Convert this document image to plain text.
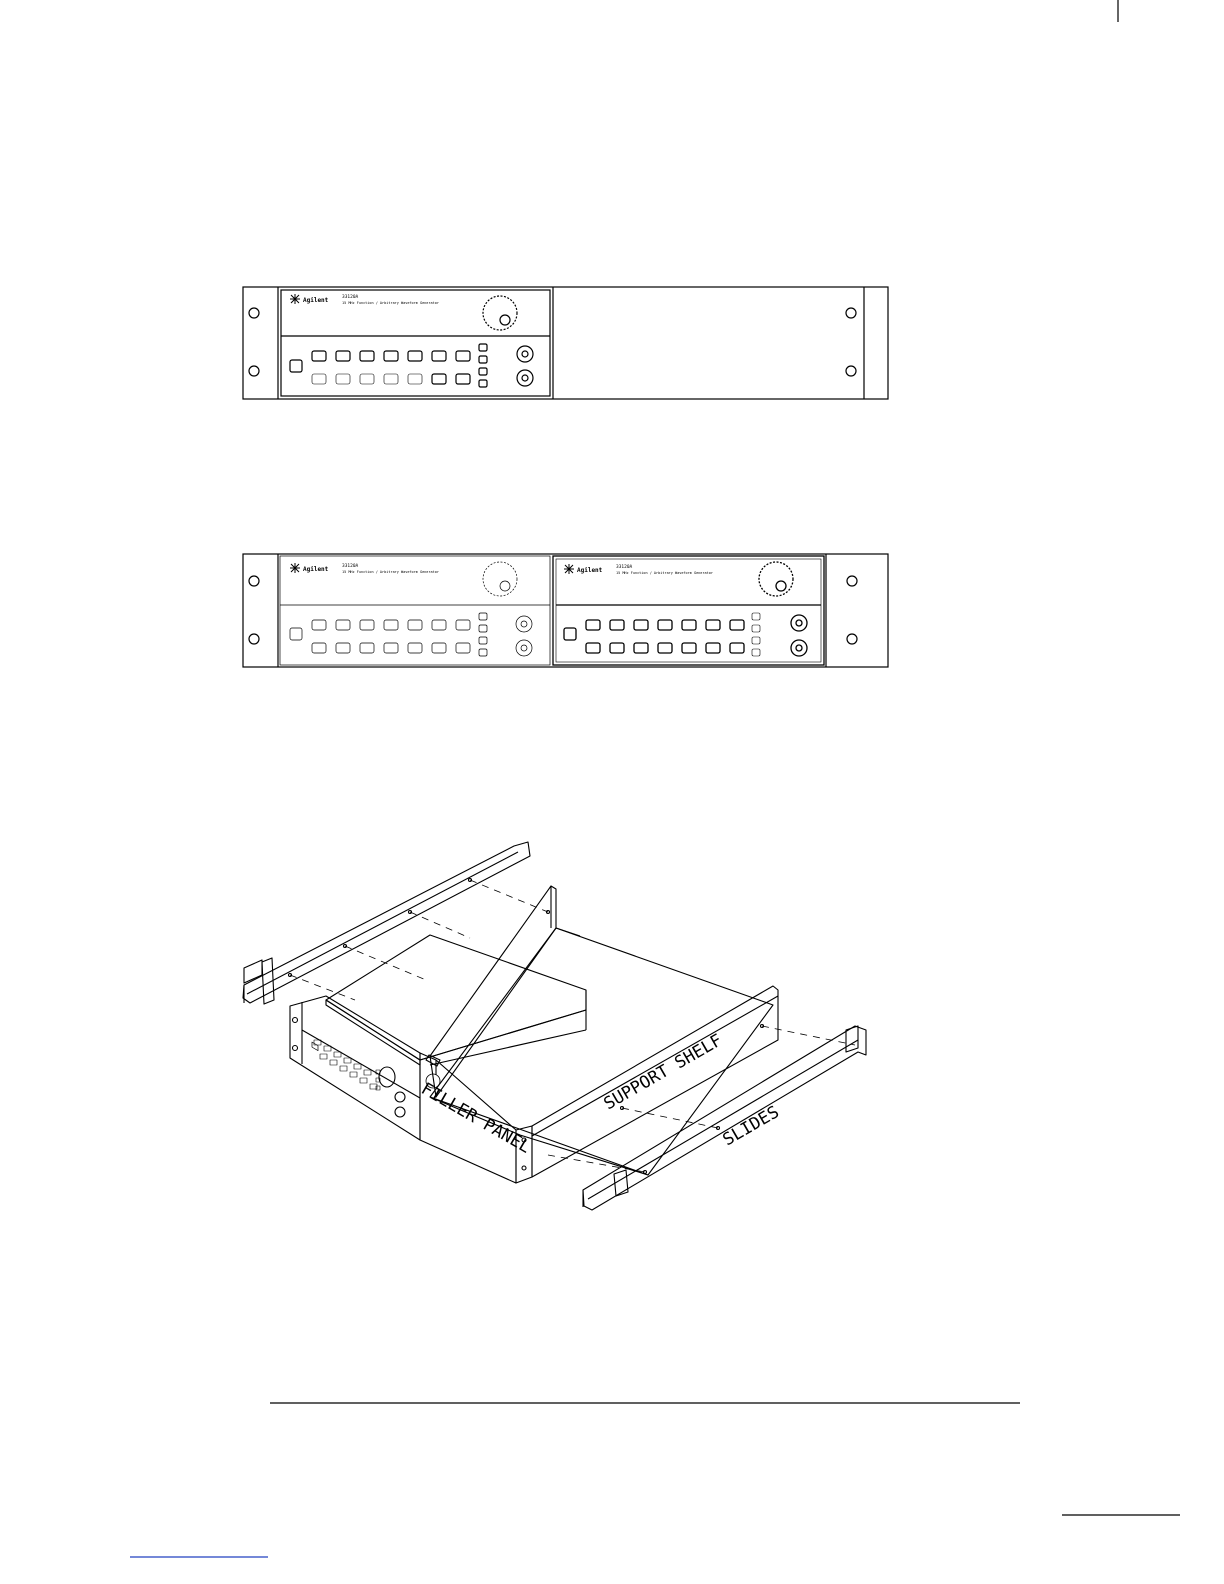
Agilent	33120A
15 MHz Function / Arbitrary Waveform Generator
Agilent	33120A
15 MHz Function / Arbitrary Waveform Generator	Agilent	33120A
15 MHz Function / Arbitrary Waveform Generator
FILLER PANEL
SUPPORT SHELF
SLIDES
